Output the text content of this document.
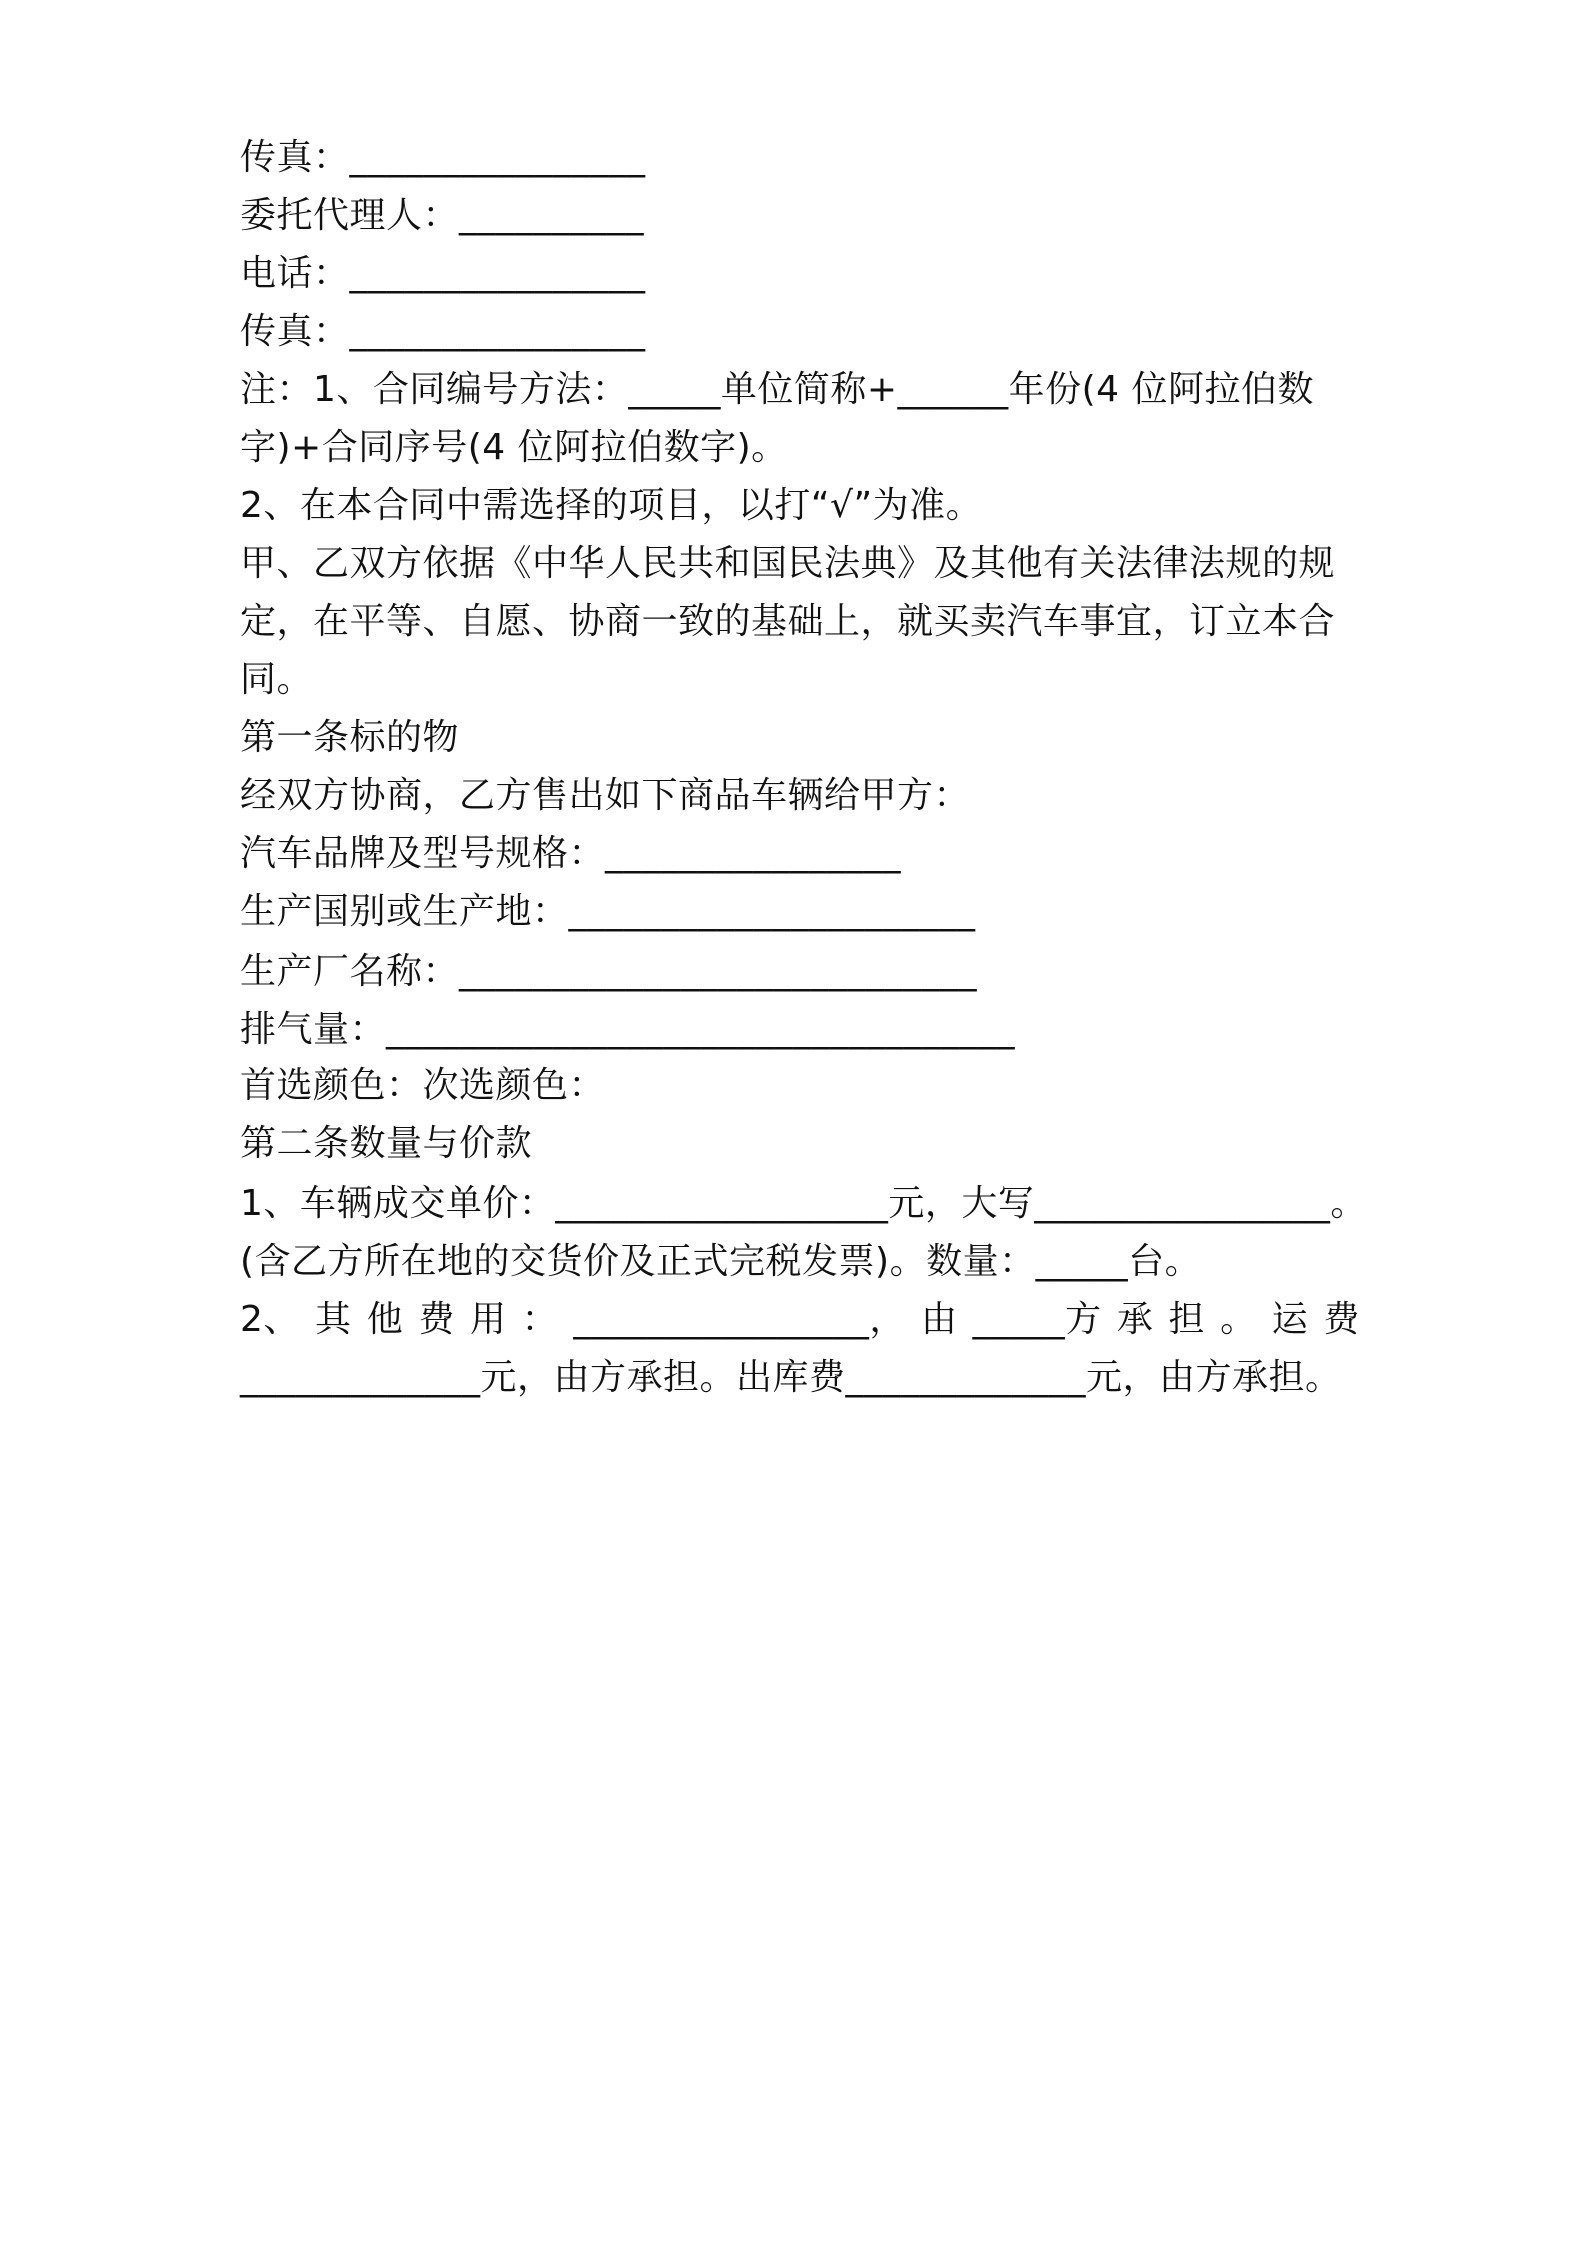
传真：________________
委托代理人：__________
电话：________________
传真：________________
注：1、合同编号方法：_____单位简称+______年份(4 位阿拉伯数
字)+合同序号(4 位阿拉伯数字)。
2、在本合同中需选择的项目，以打“√”为准。
甲、乙双方依据《中华人民共和国民法典》及其他有关法律法规的规
定，在平等、自愿、协商一致的基础上，就买卖汽车事宜，订立本合
同。
第一条标的物
经双方协商，乙方售出如下商品车辆给甲方：
汽车品牌及型号规格：________________
生产国别或生产地：______________________
生产厂名称：____________________________
排气量：__________________________________
首选颜色：次选颜色：
第二条数量与价款
1、车辆成交单价：__________________元，大写________________。
(含乙方所在地的交货价及正式完税发票)。数量：_____台。
2、 其 他 费 用 ： ________________， 由 _____方 承 担 。 运 费
_____________元，由方承担。出库费_____________元，由方承担。
